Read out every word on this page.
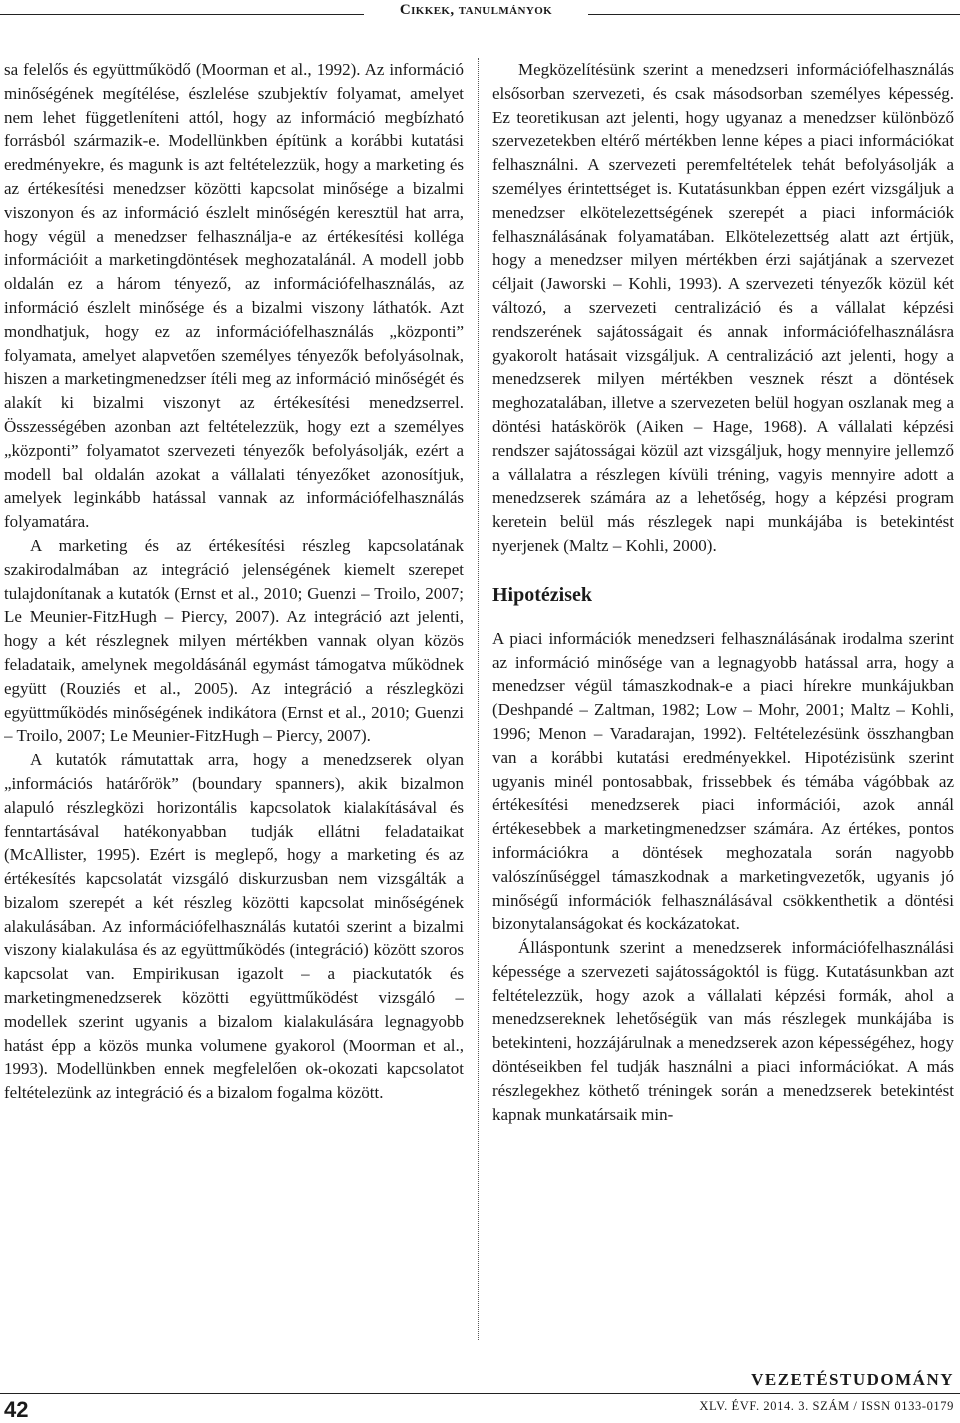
Cikkek, tanulmányok

sa felelős és együttműködő (Moorman et al., 1992). Az információ minőségének megítélése, észlelése szubjektív folyamat, amelyet nem lehet függetleníteni attól, hogy az információ megbízható forrásból származik-e. Modellünkben építünk a korábbi kutatási eredményekre, és magunk is azt feltételezzük, hogy a marketing és az értékesítési menedzser közötti kapcsolat minősége a bizalmi viszonyon és az információ észlelt minőségén keresztül hat arra, hogy végül a menedzser felhasználja-e az értékesítési kolléga információit a marketingdöntések meghozatalánál. A modell jobb oldalán ez a három tényező, az információfelhasználás, az információ észlelt minősége és a bizalmi viszony láthatók. Azt mondhatjuk, hogy ez az információfelhasználás „központi” folyamata, amelyet alapvetően személyes tényezők befolyásolnak, hiszen a marketingmenedzser ítéli meg az információ minőségét és alakít ki bizalmi viszonyt az értékesítési menedzserrel. Összességében azonban azt feltételezzük, hogy ezt a személyes „központi” folyamatot szervezeti tényezők befolyásolják, ezért a modell bal oldalán azokat a vállalati tényezőket azonosítjuk, amelyek leginkább hatással vannak az információfelhasználás folyamatára.

A marketing és az értékesítési részleg kapcsolatának szakirodalmában az integráció jelenségének kiemelt szerepet tulajdonítanak a kutatók (Ernst et al., 2010; Guenzi – Troilo, 2007; Le Meunier-FitzHugh – Piercy, 2007). Az integráció azt jelenti, hogy a két részlegnek milyen mértékben vannak olyan közös feladataik, amelynek megoldásánál egymást támogatva működnek együtt (Rouziés et al., 2005). Az integráció a részlegközi együttműködés minőségének indikátora (Ernst et al., 2010; Guenzi – Troilo, 2007; Le Meunier-FitzHugh – Piercy, 2007).

A kutatók rámutattak arra, hogy a menedzserek olyan „információs határőrök” (boundary spanners), akik bizalmon alapuló részlegközi horizontális kapcsolatok kialakításával és fenntartásával hatékonyabban tudják ellátni feladataikat (McAllister, 1995). Ezért is meglepő, hogy a marketing és az értékesítés kapcsolatát vizsgáló diskurzusban nem vizsgálták a bizalom szerepét a két részleg közötti kapcsolat minőségének alakulásában. Az információfelhasználás kutatói szerint a bizalmi viszony kialakulása és az együttműködés (integráció) között szoros kapcsolat van. Empirikusan igazolt – a piackutatók és marketingmenedzserek közötti együttműködést vizsgáló – modellek szerint ugyanis a bizalom kialakulására legnagyobb hatást épp a közös munka volumene gyakorol (Moorman et al., 1993). Modellünkben ennek megfelelően ok-okozati kapcsolatot feltételezünk az integráció és a bizalom fogalma között.

Megközelítésünk szerint a menedzseri információfelhasználás elsősorban szervezeti, és csak másodsorban személyes képesség. Ez teoretikusan azt jelenti, hogy ugyanaz a menedzser különböző szervezetekben eltérő mértékben lenne képes a piaci információkat felhasználni. A szervezeti peremfeltételek tehát befolyásolják a személyes érintettséget is. Kutatásunkban éppen ezért vizsgáljuk a menedzser elkötelezettségének szerepét a piaci információk felhasználásának folyamatában. Elkötelezettség alatt azt értjük, hogy a menedzser milyen mértékben érzi sajátjának a szervezet céljait (Jaworski – Kohli, 1993). A szervezeti tényezők közül két változó, a szervezeti centralizáció és a vállalat képzési rendszerének sajátosságait és annak információfelhasználásra gyakorolt hatásait vizsgáljuk. A centralizáció azt jelenti, hogy a menedzserek milyen mértékben vesznek részt a döntések meghozatalában, illetve a szervezeten belül hogyan oszlanak meg a döntési hatáskörök (Aiken – Hage, 1968). A vállalati képzési rendszer sajátosságai közül azt vizsgáljuk, hogy mennyire jellemző a vállalatra a részlegen kívüli tréning, vagyis mennyire adott a menedzserek számára az a lehetőség, hogy a képzési program keretein belül más részlegek napi munkájába is betekintést nyerjenek (Maltz – Kohli, 2000).

Hipotézisek

A piaci információk menedzseri felhasználásának irodalma szerint az információ minősége van a legnagyobb hatással arra, hogy a menedzser végül támaszkodnak-e a piaci hírekre munkájukban (Deshpandé – Zaltman, 1982; Low – Mohr, 2001; Maltz – Kohli, 1996; Menon – Varadarajan, 1992). Feltételezésünk összhangban van a korábbi kutatási eredményekkel. Hipotézisünk szerint ugyanis minél pontosabbak, frissebbek és témába vágóbbak az értékesítési menedzserek piaci információi, azok annál értékesebbek a marketingmenedzser számára. Az értékes, pontos információkra a döntések meghozatala során nagyobb valószínűséggel támaszkodnak a marketingvezetők, ugyanis jó minőségű információk felhasználásával csökkenthetik a döntési bizonytalanságokat és kockázatokat.

Álláspontunk szerint a menedzserek információfelhasználási képessége a szervezeti sajátosságoktól is függ. Kutatásunkban azt feltételezzük, hogy azok a vállalati képzési formák, ahol a menedzsereknek lehetőségük van más részlegek munkájába is betekinteni, hozzájárulnak a menedzserek azon képességéhez, hogy döntéseikben fel tudják használni a piaci információkat. A más részlegekhez köthető tréningek során a menedzserek betekintést kapnak munkatársaik min-

VEZETÉSTUDOMÁNY
42	XLV. ÉVF. 2014. 3. SZÁM / ISSN 0133-0179
